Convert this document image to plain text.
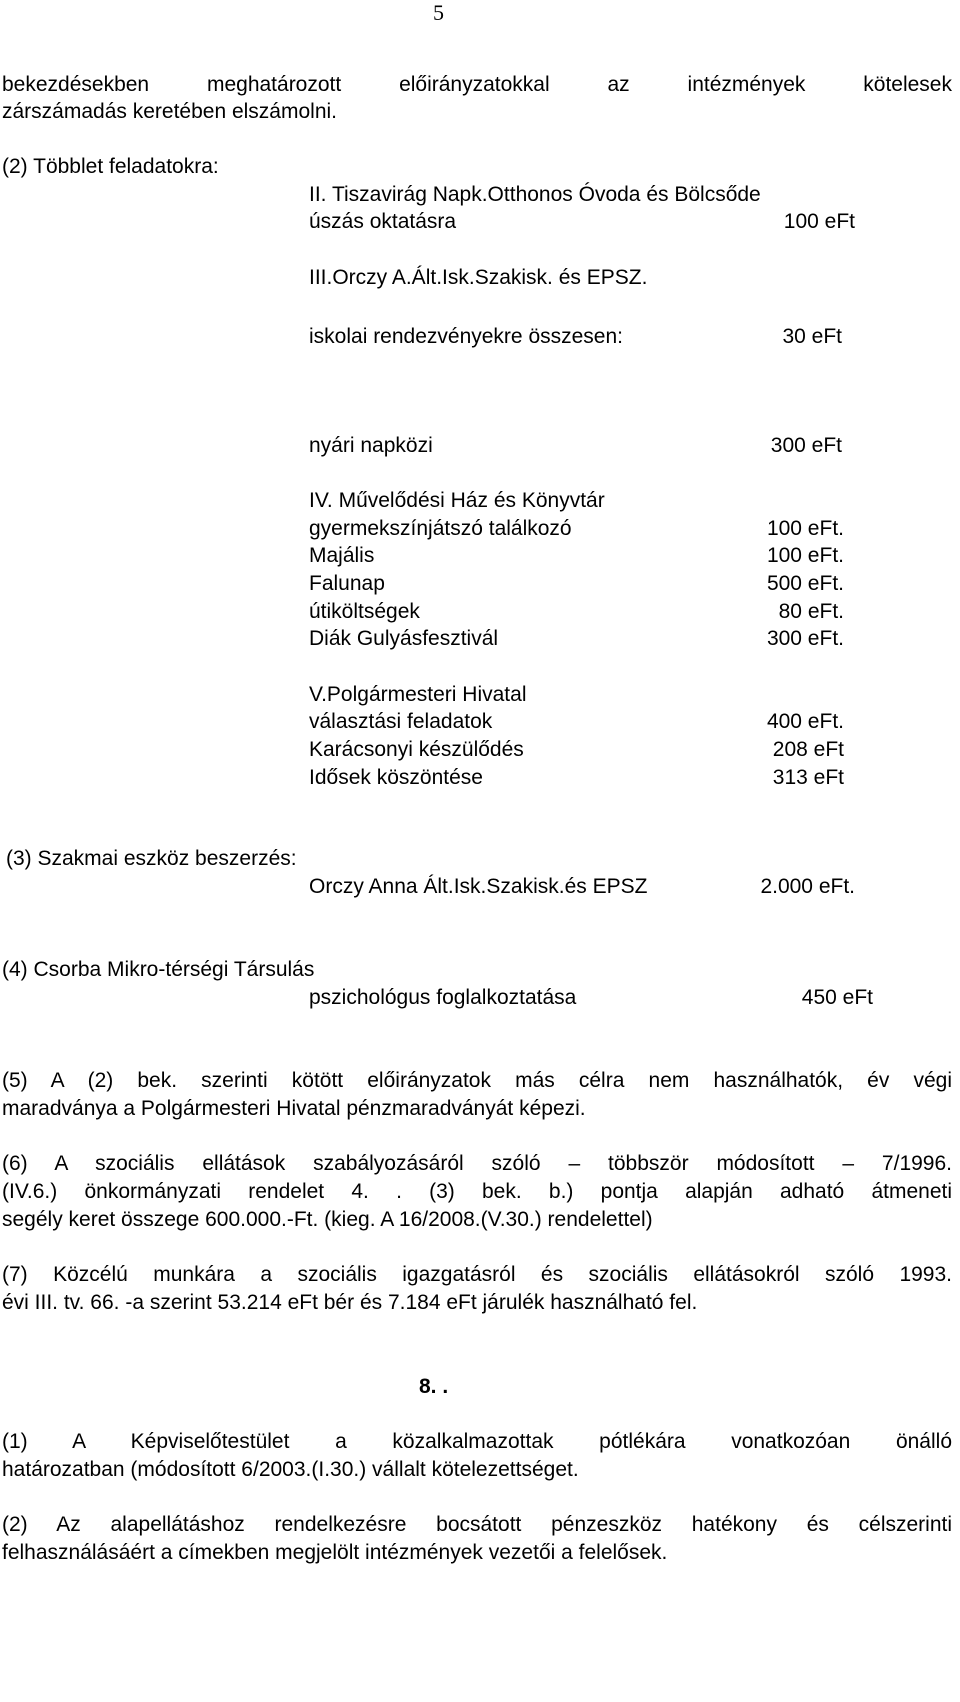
5
bekezdésekben meghatározott előirányzatokkal az intézmények kötelesek
zárszámadás keretében elszámolni.
(2) Többlet feladatokra:
II. Tiszavirág Napk.Otthonos Óvoda és Bölcsőde
úszás oktatásra	100 eFt
III.Orczy A.Ált.Isk.Szakisk. és EPSZ.
iskolai rendezvényekre összesen:	30 eFt
nyári napközi	300 eFt
IV. Művelődési Ház és Könyvtár
gyermekszínjátszó találkozó	100 eFt.
Majális	100 eFt.
Falunap	500 eFt.
útiköltségek	80 eFt.
Diák Gulyásfesztivál	300 eFt.
V.Polgármesteri Hivatal
választási feladatok	400 eFt.
Karácsonyi készülődés	208 eFt
Idősek köszöntése	313 eFt
(3) Szakmai eszköz beszerzés:
Orczy Anna Ált.Isk.Szakisk.és EPSZ	2.000 eFt.
(4) Csorba Mikro-térségi Társulás
pszichológus foglalkoztatása	450 eFt
(5) A (2) bek. szerinti kötött előirányzatok más célra nem használhatók, év végi
maradványa a Polgármesteri Hivatal pénzmaradványát képezi.
(6) A szociális ellátások szabályozásáról szóló – többször módosított – 7/1996.
(IV.6.) önkormányzati rendelet 4. . (3) bek. b.) pontja alapján adható átmeneti
segély keret összege 600.000.-Ft. (kieg. A 16/2008.(V.30.) rendelettel)
(7) Közcélú munkára a szociális igazgatásról és szociális ellátásokról szóló 1993.
évi III. tv. 66. -a szerint 53.214 eFt bér és 7.184 eFt járulék használható fel.
8. .
(1) A Képviselőtestület a közalkalmazottak pótlékára vonatkozóan önálló
határozatban (módosított 6/2003.(I.30.) vállalt kötelezettséget.
(2) Az alapellátáshoz rendelkezésre bocsátott pénzeszköz hatékony és célszerinti
felhasználásáért a címekben megjelölt intézmények vezetői a felelősek.
